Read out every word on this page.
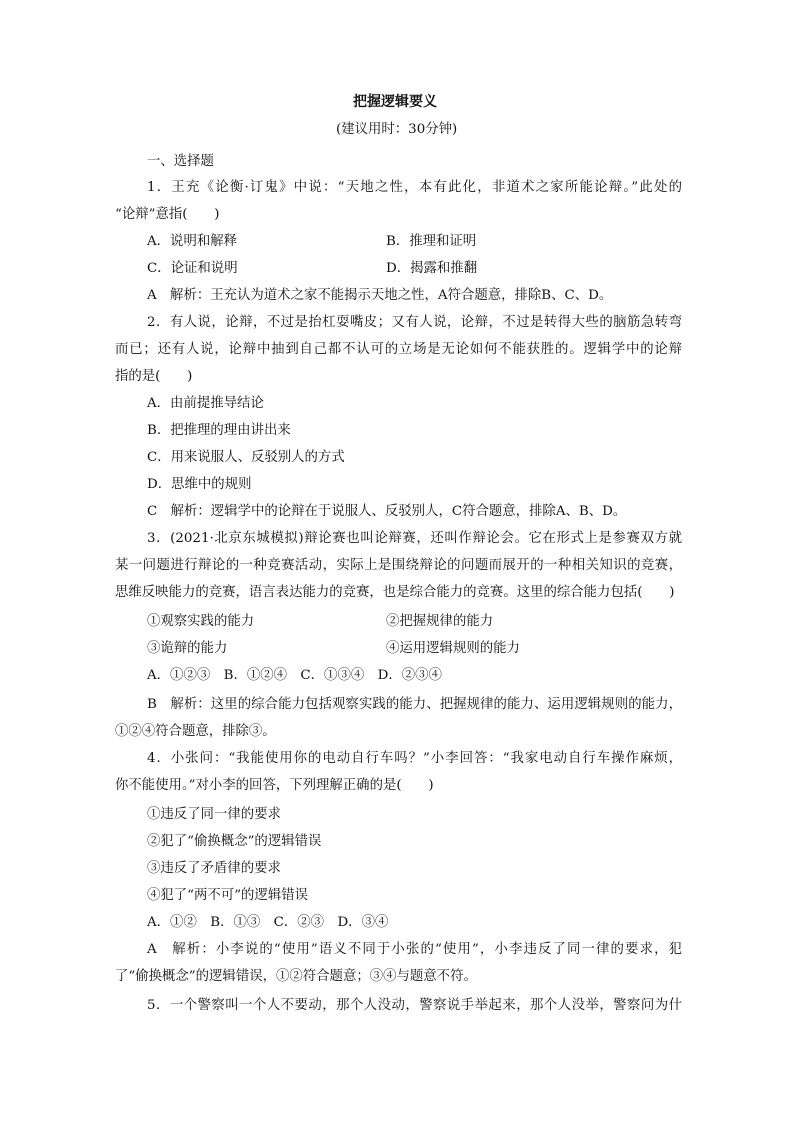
把握逻辑要义
(建议用时：30分钟)
一、选择题
1．王充《论衡·订鬼》中说：“天地之性，本有此化，非道术之家所能论辩。”此处的
“论辩”意指(　　)
A．说明和解释	B．推理和证明
C．论证和说明	D．揭露和推翻
A　解析：王充认为道术之家不能揭示天地之性，A符合题意，排除B、C、D。
2．有人说，论辩，不过是抬杠耍嘴皮；又有人说，论辩，不过是转得大些的脑筋急转弯
而已；还有人说，论辩中抽到自己都不认可的立场是无论如何不能获胜的。逻辑学中的论辩
指的是(　　)
A．由前提推导结论
B．把推理的理由讲出来
C．用来说服人、反驳别人的方式
D．思维中的规则
C　解析：逻辑学中的论辩在于说服人、反驳别人，C符合题意，排除A、B、D。
3．(2021·北京东城模拟)辩论赛也叫论辩赛，还叫作辩论会。它在形式上是参赛双方就
某一问题进行辩论的一种竞赛活动，实际上是围绕辩论的问题而展开的一种相关知识的竞赛，
思维反映能力的竞赛，语言表达能力的竞赛，也是综合能力的竞赛。这里的综合能力包括(　　)
①观察实践的能力	②把握规律的能力
③诡辩的能力	④运用逻辑规则的能力
A．①②③　B．①②④　C．①③④　D．②③④
B　解析：这里的综合能力包括观察实践的能力、把握规律的能力、运用逻辑规则的能力，
①②④符合题意，排除③。
4．小张问：“我能使用你的电动自行车吗？”小李回答：“我家电动自行车操作麻烦，
你不能使用。”对小李的回答，下列理解正确的是(　　)
①违反了同一律的要求
②犯了“偷换概念”的逻辑错误
③违反了矛盾律的要求
④犯了“两不可”的逻辑错误
A．①②　B．①③　C．②③　D．③④
A　解析：小李说的“使用”语义不同于小张的“使用”，小李违反了同一律的要求，犯
了“偷换概念”的逻辑错误，①②符合题意；③④与题意不符。
5．一个警察叫一个人不要动，那个人没动，警察说手举起来，那个人没举，警察问为什
